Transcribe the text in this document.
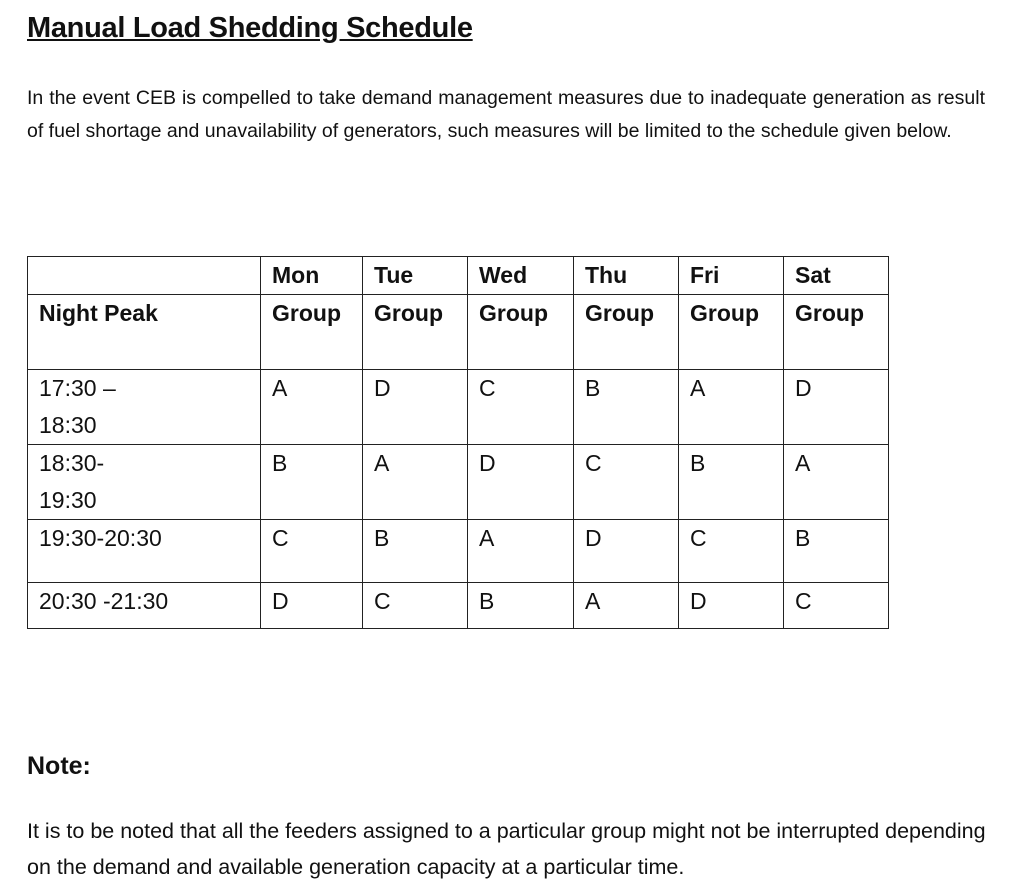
Manual Load Shedding Schedule

In the event CEB is compelled to take demand management measures due to inadequate generation as result of fuel shortage and unavailability of generators, such measures will be limited to the schedule given below.

	Mon	Tue	Wed	Thu	Fri	Sat
Night Peak	Group	Group	Group	Group	Group	Group

17:30 – 18:30	A	D	C	B	A	D

18:30- 19:30	B	A	D	C	B	A
19:30-20:30	C	B	A	D	C	B
20:30 -21:30	D	C	B	A	D	C
Note:

It is to be noted that all the feeders assigned to a particular group might not be interrupted depending on the demand and available generation capacity at a particular time.
